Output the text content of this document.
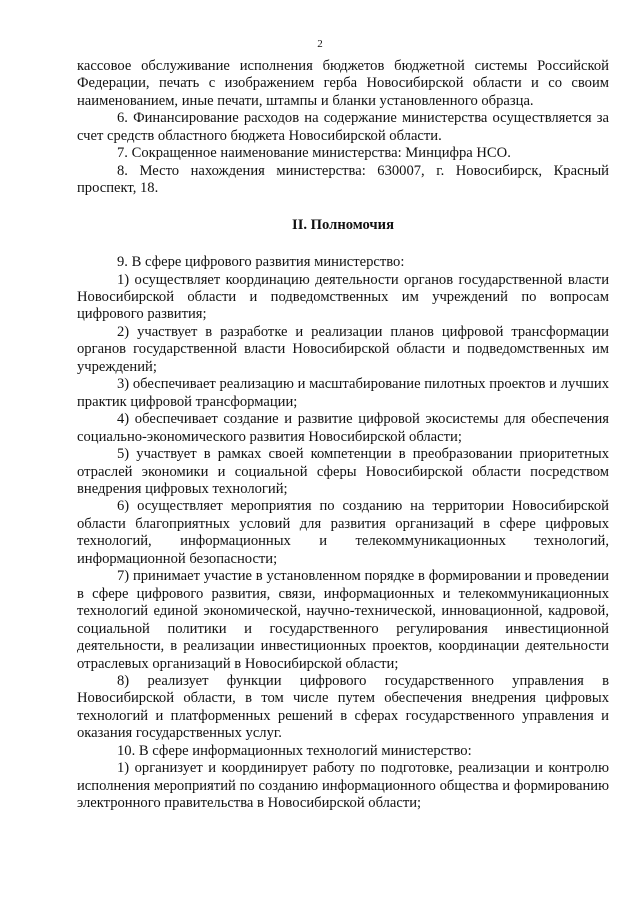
2

кассовое обслуживание исполнения бюджетов бюджетной системы Российской Федерации, печать с изображением герба Новосибирской области и со своим наименованием, иные печати, штампы и бланки установленного образца.

6. Финансирование расходов на содержание министерства осуществляется за счет средств областного бюджета Новосибирской области.

7. Сокращенное наименование министерства: Минцифра НСО.

8. Место нахождения министерства: 630007, г. Новосибирск, Красный проспект, 18.

II. Полномочия

9. В сфере цифрового развития министерство:

1) осуществляет координацию деятельности органов государственной власти Новосибирской области и подведомственных им учреждений по вопросам цифрового развития;

2) участвует в разработке и реализации планов цифровой трансформации органов государственной власти Новосибирской области и подведомственных им учреждений;

3) обеспечивает реализацию и масштабирование пилотных проектов и лучших практик цифровой трансформации;

4) обеспечивает создание и развитие цифровой экосистемы для обеспечения социально-экономического развития Новосибирской области;

5) участвует в рамках своей компетенции в преобразовании приоритетных отраслей экономики и социальной сферы Новосибирской области посредством внедрения цифровых технологий;

6) осуществляет мероприятия по созданию на территории Новосибирской области благоприятных условий для развития организаций в сфере цифровых технологий, информационных и телекоммуникационных технологий, информационной безопасности;

7) принимает участие в установленном порядке в формировании и проведении в сфере цифрового развития, связи, информационных и телекоммуникационных технологий единой экономической, научно-технической, инновационной, кадровой, социальной политики и государственного регулирования инвестиционной деятельности, в реализации инвестиционных проектов, координации деятельности отраслевых организаций в Новосибирской области;

8) реализует функции цифрового государственного управления в Новосибирской области, в том числе путем обеспечения внедрения цифровых технологий и платформенных решений в сферах государственного управления и оказания государственных услуг.

10. В сфере информационных технологий министерство:

1) организует и координирует работу по подготовке, реализации и контролю исполнения мероприятий по созданию информационного общества и формированию электронного правительства в Новосибирской области;
